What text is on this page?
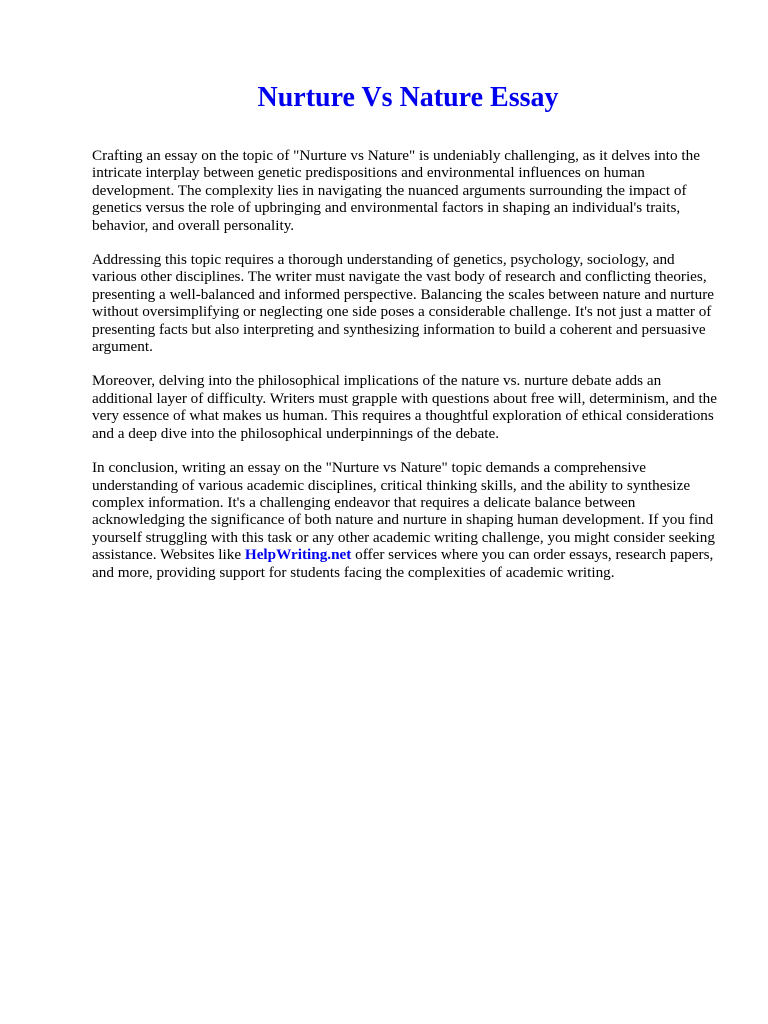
Nurture Vs Nature Essay

Crafting an essay on the topic of "Nurture vs Nature" is undeniably challenging, as it delves into the intricate interplay between genetic predispositions and environmental influences on human development. The complexity lies in navigating the nuanced arguments surrounding the impact of genetics versus the role of upbringing and environmental factors in shaping an individual's traits, behavior, and overall personality.

Addressing this topic requires a thorough understanding of genetics, psychology, sociology, and various other disciplines. The writer must navigate the vast body of research and conflicting theories, presenting a well-balanced and informed perspective. Balancing the scales between nature and nurture without oversimplifying or neglecting one side poses a considerable challenge. It's not just a matter of presenting facts but also interpreting and synthesizing information to build a coherent and persuasive argument.

Moreover, delving into the philosophical implications of the nature vs. nurture debate adds an additional layer of difficulty. Writers must grapple with questions about free will, determinism, and the very essence of what makes us human. This requires a thoughtful exploration of ethical considerations and a deep dive into the philosophical underpinnings of the debate.

In conclusion, writing an essay on the "Nurture vs Nature" topic demands a comprehensive understanding of various academic disciplines, critical thinking skills, and the ability to synthesize complex information. It's a challenging endeavor that requires a delicate balance between acknowledging the significance of both nature and nurture in shaping human development. If you find yourself struggling with this task or any other academic writing challenge, you might consider seeking assistance. Websites like HelpWriting.net offer services where you can order essays, research papers, and more, providing support for students facing the complexities of academic writing.
